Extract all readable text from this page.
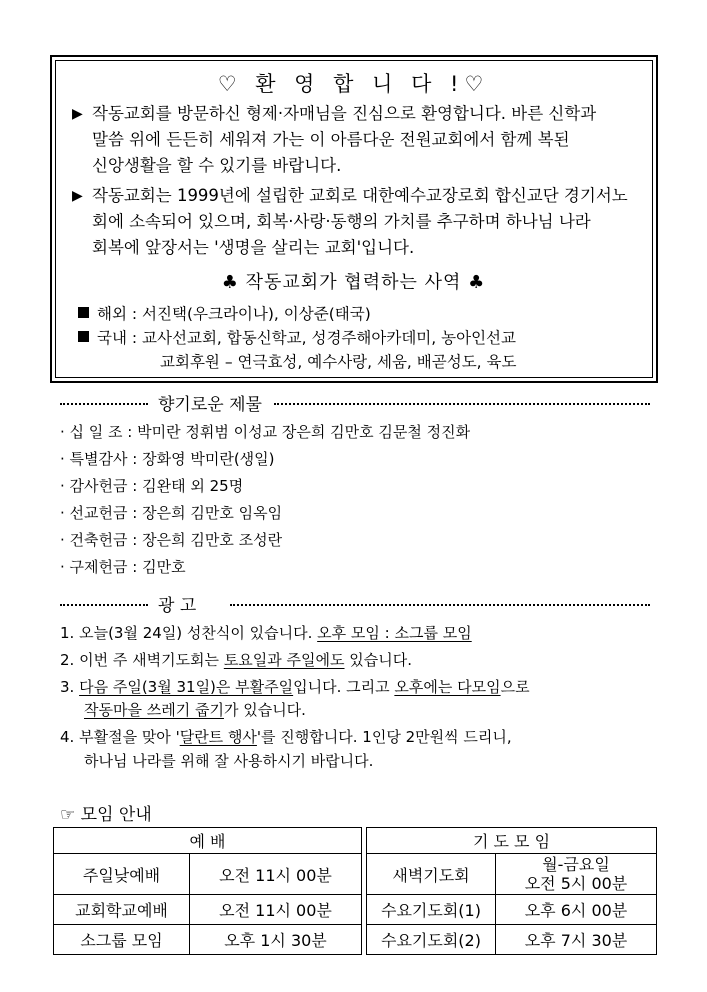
♡ 환 영 합 니 다 !♡
▶ 작동교회를 방문하신 형제·자매님을 진심으로 환영합니다. 바른 신학과
말씀 위에 든든히 세워져 가는 이 아름다운 전원교회에서 함께 복된
신앙생활을 할 수 있기를 바랍니다.
▶ 작동교회는 1999년에 설립한 교회로 대한예수교장로회 합신교단 경기서노
회에 소속되어 있으며, 회복·사랑·동행의 가치를 추구하며 하나님 나라
회복에 앞장서는 '생명을 살리는 교회'입니다.
♣ 작동교회가 협력하는 사역 ♣
해외 : 서진택(우크라이나), 이상준(태국)
국내 : 교사선교회, 합동신학교, 성경주해아카데미, 농아인선교
교회후원 – 연극효성, 예수사랑, 세움, 배곧성도, 육도
향기로운 제물
· 십 일 조 : 박미란 정휘범 이성교 장은희 김만호 김문철 정진화
· 특별감사 : 장화영 박미란(생일)
· 감사헌금 : 김완태 외 25명
· 선교헌금 : 장은희 김만호 임옥임
· 건축헌금 : 장은희 김만호 조성란
· 구제헌금 : 김만호
광 고
1. 오늘(3월 24일) 성찬식이 있습니다. 오후 모임 : 소그룹 모임
2. 이번 주 새벽기도회는 토요일과 주일에도 있습니다.
3. 다음 주일(3월 31일)은 부활주일입니다. 그리고 오후에는 다모임으로
작동마을 쓰레기 줍기가 있습니다.
4. 부활절을 맞아 '달란트 행사'를 진행합니다. 1인당 2만원씩 드리니,
하나님 나라를 위해 잘 사용하시기 바랍니다.
☞ 모임 안내
예 배	
주일낮예배	오전 11시 00분
교회학교예배	오전 11시 00분
소그룹 모임	오후 1시 30분
기 도 모 임	
새벽기도회	월-금요일
오전 5시 00분

수요기도회(1)	오후 6시 00분
수요기도회(2)	오후 7시 30분
